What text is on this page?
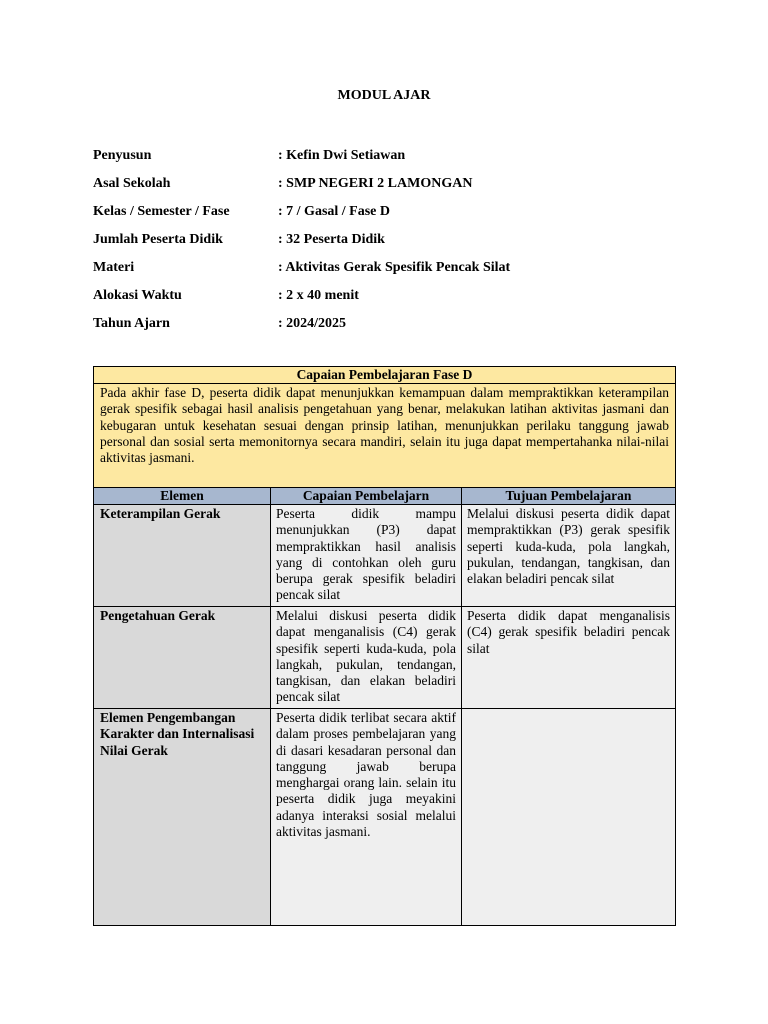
MODUL AJAR
Penyusun	: Kefin Dwi Setiawan
Asal Sekolah	: SMP NEGERI 2 LAMONGAN
Kelas / Semester / Fase	: 7 / Gasal / Fase D
Jumlah Peserta Didik	: 32 Peserta Didik
Materi	: Aktivitas Gerak Spesifik Pencak Silat
Alokasi Waktu	: 2 x 40 menit
Tahun Ajarn	: 2024/2025
Capaian Pembelajaran Fase D		
Pada akhir fase D, peserta didik dapat menunjukkan kemampuan dalam mempraktikkan keterampilan gerak spesifik sebagai hasil analisis pengetahuan yang benar, melakukan latihan aktivitas jasmani dan kebugaran untuk kesehatan sesuai dengan prinsip latihan, menunjukkan perilaku tanggung jawab personal dan sosial serta memonitornya secara mandiri, selain itu juga dapat mempertahanka nilai-nilai aktivitas jasmani.		
Elemen	Capaian Pembelajarn	Tujuan Pembelajaran
Keterampilan Gerak	Peserta didik mampu menunjukkan (P3) dapat mempraktikkan hasil analisis yang di contohkan oleh guru berupa gerak spesifik beladiri pencak silat	Melalui diskusi peserta didik dapat mempraktikkan (P3) gerak spesifik seperti kuda-kuda, pola langkah, pukulan, tendangan, tangkisan, dan elakan beladiri pencak silat
Pengetahuan Gerak	Melalui diskusi peserta didik dapat menganalisis (C4) gerak spesifik seperti kuda-kuda, pola langkah, pukulan, tendangan, tangkisan, dan elakan beladiri pencak silat	Peserta didik dapat menganalisis (C4) gerak spesifik beladiri pencak silat
Elemen Pengembangan Karakter dan Internalisasi Nilai Gerak	Peserta didik terlibat secara aktif dalam proses pembelajaran yang di dasari kesadaran personal dan tanggung jawab berupa menghargai orang lain. selain itu peserta didik juga meyakini adanya interaksi sosial melalui aktivitas jasmani.	
